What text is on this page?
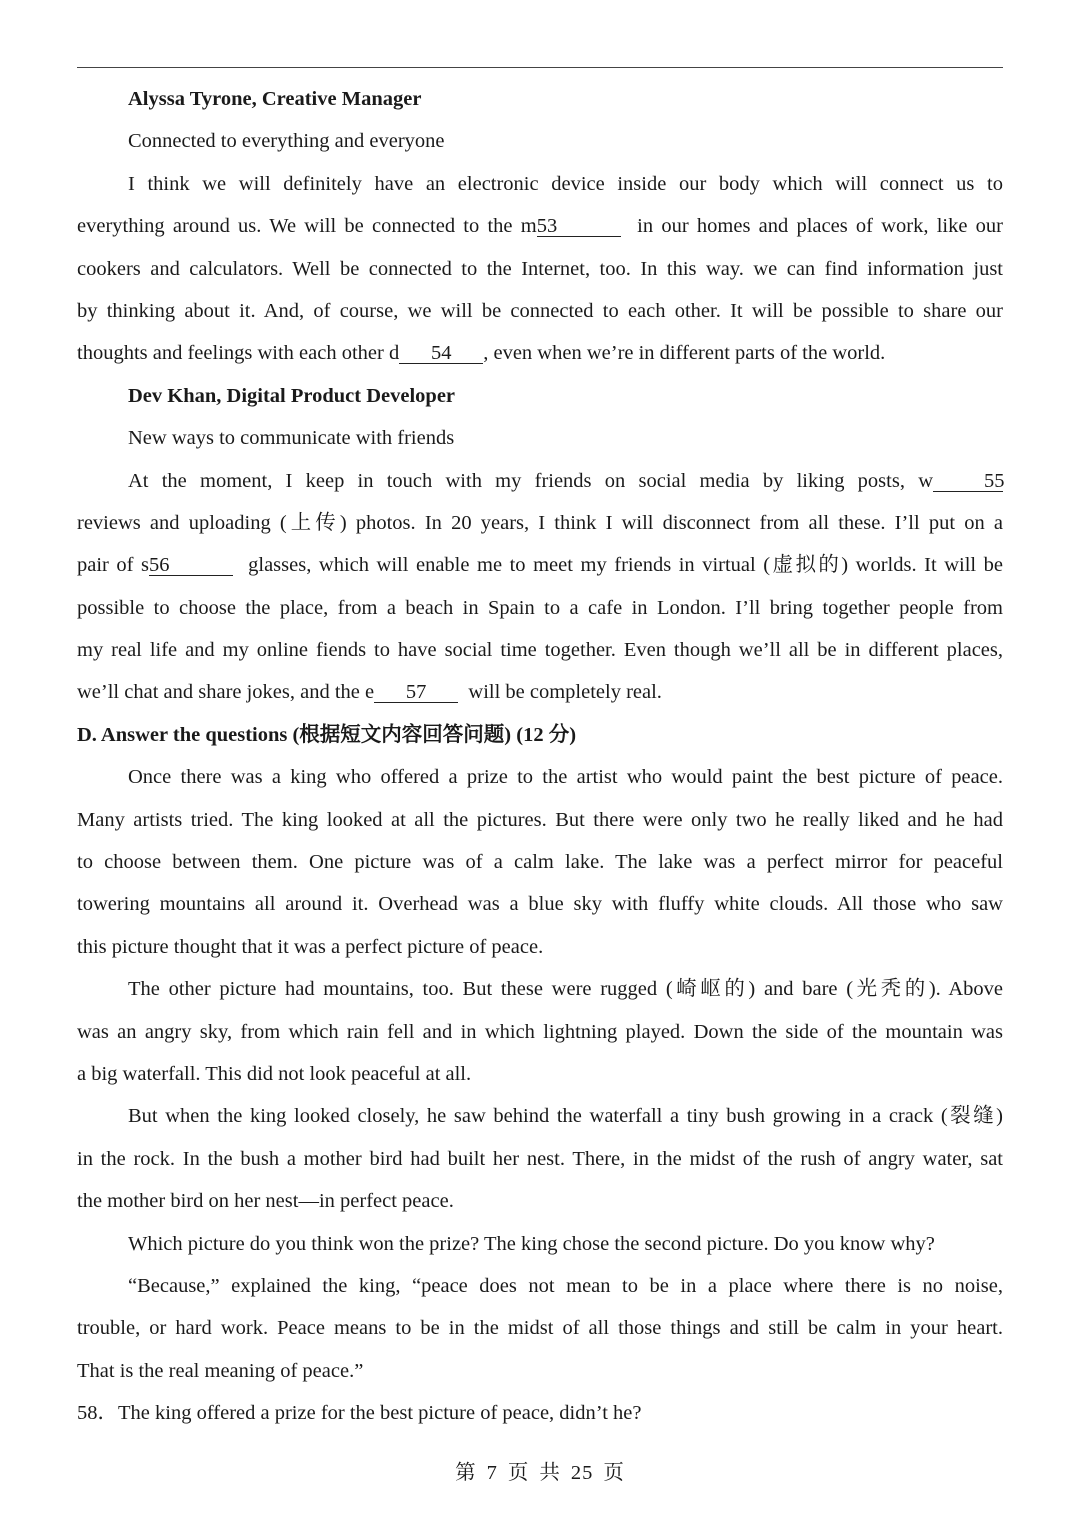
Alyssa Tyrone, Creative Manager
Connected to everything and everyone
I think we will definitely have an electronic device inside our body which will connect us to
everything around us. We will be connected to the m53	in our homes and places of work, like our
cookers and calculators. Well be connected to the Internet, too. In this way. we can find information just
by thinking about it. And, of course, we will be connected to each other. It will be possible to share our
thoughts and feelings with each other d 54 , even when we’re in different parts of the world.
Dev Khan, Digital Product Developer
New ways to communicate with friends
At the moment, I keep in touch with my friends on social media by liking posts, w 55
reviews and uploading (上传) photos. In 20 years, I think I will disconnect from all these. I’ll put on a
pair of s56	glasses, which will enable me to meet my friends in virtual (虚拟的) worlds. It will be
possible to choose the place, from a beach in Spain to a cafe in London. I’ll bring together people from
my real life and my online fiends to have social time together. Even though we’ll all be in different places,
we’ll chat and share jokes, and the e 57 will be completely real.
D. Answer the questions (根据短文内容回答问题) (12 分)
Once there was a king who offered a prize to the artist who would paint the best picture of peace.
Many artists tried. The king looked at all the pictures. But there were only two he really liked and he had
to choose between them. One picture was of a calm lake. The lake was a perfect mirror for peaceful
towering mountains all around it. Overhead was a blue sky with fluffy white clouds. All those who saw
this picture thought that it was a perfect picture of peace.
The other picture had mountains, too. But these were rugged (崎岖的) and bare (光秃的). Above
was an angry sky, from which rain fell and in which lightning played. Down the side of the mountain was
a big waterfall. This did not look peaceful at all.
But when the king looked closely, he saw behind the waterfall a tiny bush growing in a crack (裂缝)
in the rock. In the bush a mother bird had built her nest. There, in the midst of the rush of angry water, sat
the mother bird on her nest—in perfect peace.
Which picture do you think won the prize? The king chose the second picture. Do you know why?
“Because,” explained the king, “peace does not mean to be in a place where there is no noise,
trouble, or hard work. Peace means to be in the midst of all those things and still be calm in your heart.
That is the real meaning of peace.”
58．The king offered a prize for the best picture of peace, didn’t he?
第 7 页 共 25 页
